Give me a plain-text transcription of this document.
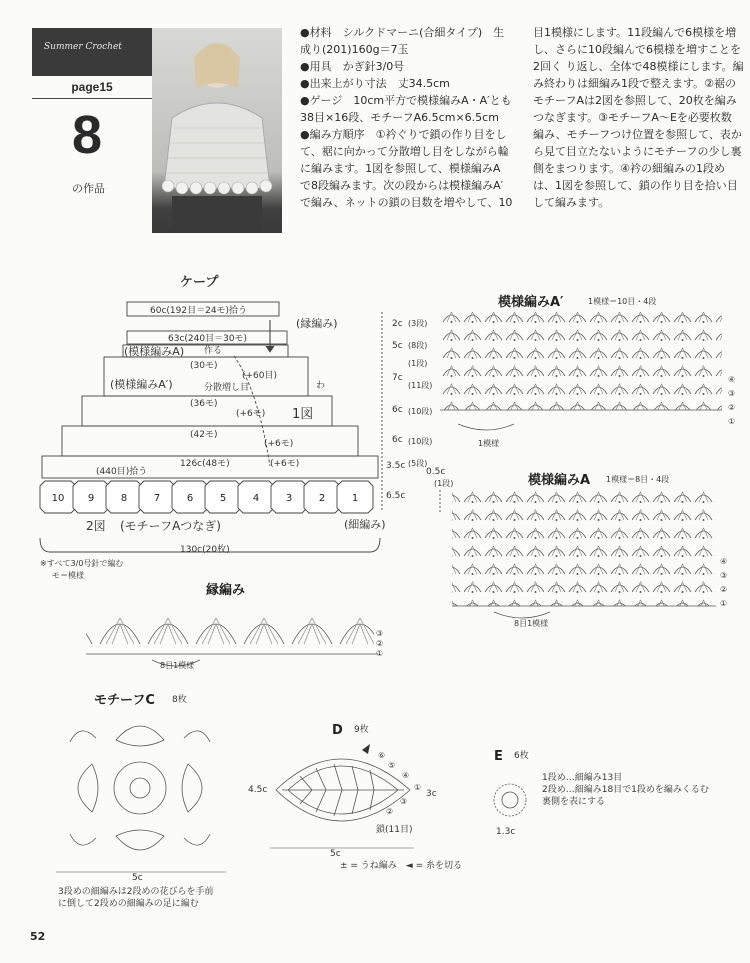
Summer Crochet
page15
8
の作品
●材料　シルクドマーニ(合細タイプ)　生
成り(201)160g＝7玉
●用具　かぎ針3/0号
●出来上がり寸法　丈34.5cm
●ゲージ　10cm平方で模様編みA・A′とも38目×16段、モチーフA6.5cm×6.5cm
●編み方順序　①衿ぐりで鎖の作り目をし
て、裾に向かって分散増し目をしながら輪
に編みます。1図を参照して、模様編みA
で8段編みます。次の段からは模様編みA′
で編み、ネットの鎖の目数を増やして、10
目1模様にします。11段編んで6模様を増
し、さらに10段編んで6模様を増すことを
2回く り返し、全体で48模様にします。編
み終わりは細編み1段で整えます。②裾の
モチーフAは2図を参照して、20枚を編み
つなぎます。③モチーフA～Eを必要枚数
編み、モチーフつけ位置を参照して、表か
ら見て目立たないようにモチーフの少し裏
側をまつります。④衿の細編みの1段め
は、1図を参照して、鎖の作り目を拾い目
して編みます。
10 9	8	7	6	5	4	3	2	1
ケープ
60c(192目＝24モ)拾う
(縁編み)
63c(240目＝30モ)
作る
(模様編みA)
(30モ)
(+60目)
(模様編みA′)	分散増し目	わ
(36モ)
(+6モ) 1図
(42モ)
(+6モ)
126c(48モ)	(+6モ)
(440目)拾う
2図 (モチーフAつなぎ)	(細編み)
130c(20枚)
※すべて3/0号針で編む
モ＝模様
2c (3段)
5c (8段)
(1段)
7c
(11段)
6c (10段)
6c (10段)
3.5c (5段)
0.5c
(1段)
6.5c
模様編みA′	1模様＝10目・4段
1模様
④
③
②
①
模様編みA 1模様＝8目・4段
8目1模様
④
③
②
①
縁編み
8目1模様
③
②
①
モチーフC 8枚
4.5c
5c
3段めの細編みは2段めの花びらを手前
に倒して2段めの細編みの足に編む
D 9枚
⑥
⑤
④
①
③
②
鎖(11目)
3c
5c
E 6枚
1.3c
1段め…細編み13目
2段め…細編み18目で1段めを編みくるむ
裏側を表にする
± = うね編み　◄ = 糸を切る
52
